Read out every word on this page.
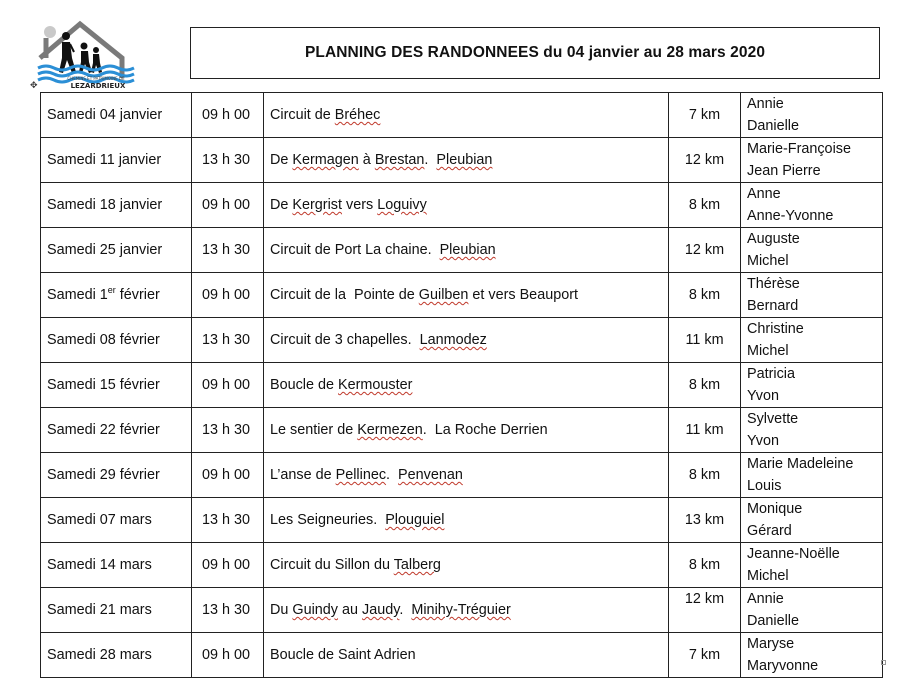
CHEMINS ET PATRIMOINE DE
LEZARDRIEUX
✥
PLANNING DES RANDONNEES du 04 janvier au 28 mars 2020
Samedi 04 janvier	09 h 00	Circuit de Bréhec	7 km	Annie
Danielle

Samedi 11 janvier	13 h 30	De Kermagen à Brestan.  Pleubian	12 km	Marie-Françoise
Jean Pierre

Samedi 18 janvier	09 h 00	De Kergrist vers Loguivy	8 km	Anne
Anne-Yvonne

Samedi 25 janvier	13 h 30	Circuit de Port La chaine.  Pleubian	12 km	Auguste
Michel

Samedi 1er février	09 h 00	Circuit de la  Pointe de Guilben et vers Beauport	8 km	Thérèse
Bernard

Samedi 08 février	13 h 30	Circuit de 3 chapelles.  Lanmodez	11 km	Christine
Michel

Samedi 15 février	09 h 00	Boucle de Kermouster	8 km	Patricia
Yvon

Samedi 22 février	13 h 30	Le sentier de Kermezen.  La Roche Derrien	11 km	Sylvette
Yvon

Samedi 29 février	09 h 00	L’anse de Pellinec.  Penvenan	8 km	Marie Madeleine
Louis

Samedi 07 mars	13 h 30	Les Seigneuries.  Plouguiel	13 km	Monique
Gérard

Samedi 14 mars	09 h 00	Circuit du Sillon du Talberg	8 km	Jeanne-Noëlle
Michel

Samedi 21 mars	13 h 30	Du Guindy au Jaudy.  Minihy-Tréguier	12 km	Annie
Danielle

Samedi 28 mars	09 h 00	Boucle de Saint Adrien	7 km	Maryse
Maryvonne
